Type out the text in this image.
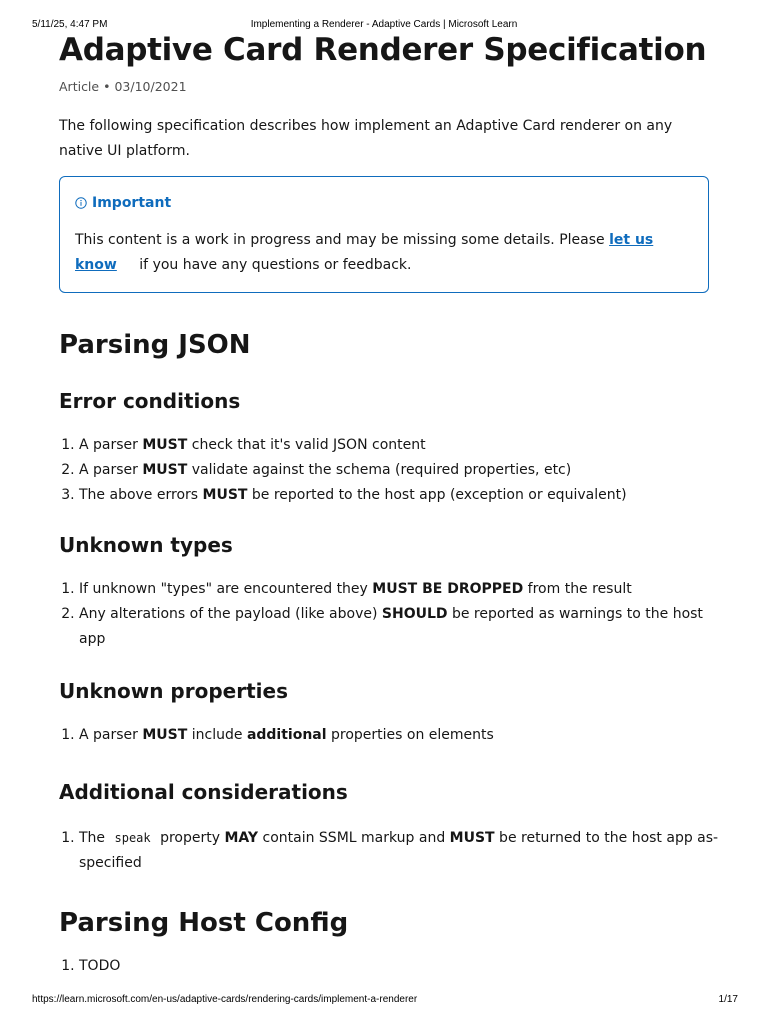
5/11/25, 4:47 PM	Implementing a Renderer - Adaptive Cards | Microsoft Learn
Adaptive Card Renderer Specification
Article • 03/10/2021
The following specification describes how implement an Adaptive Card renderer on any native UI platform.
Important
This content is a work in progress and may be missing some details. Please let us know if you have any questions or feedback.
Parsing JSON
Error conditions
1. A parser MUST check that it's valid JSON content
2. A parser MUST validate against the schema (required properties, etc)
3. The above errors MUST be reported to the host app (exception or equivalent)
Unknown types
1. If unknown "types" are encountered they MUST BE DROPPED from the result
2. Any alterations of the payload (like above) SHOULD be reported as warnings to the host app
Unknown properties
1. A parser MUST include additional properties on elements
Additional considerations
1. The speak property MAY contain SSML markup and MUST be returned to the host app as-specified
Parsing Host Config
1. TODO
https://learn.microsoft.com/en-us/adaptive-cards/rendering-cards/implement-a-renderer	1/17
